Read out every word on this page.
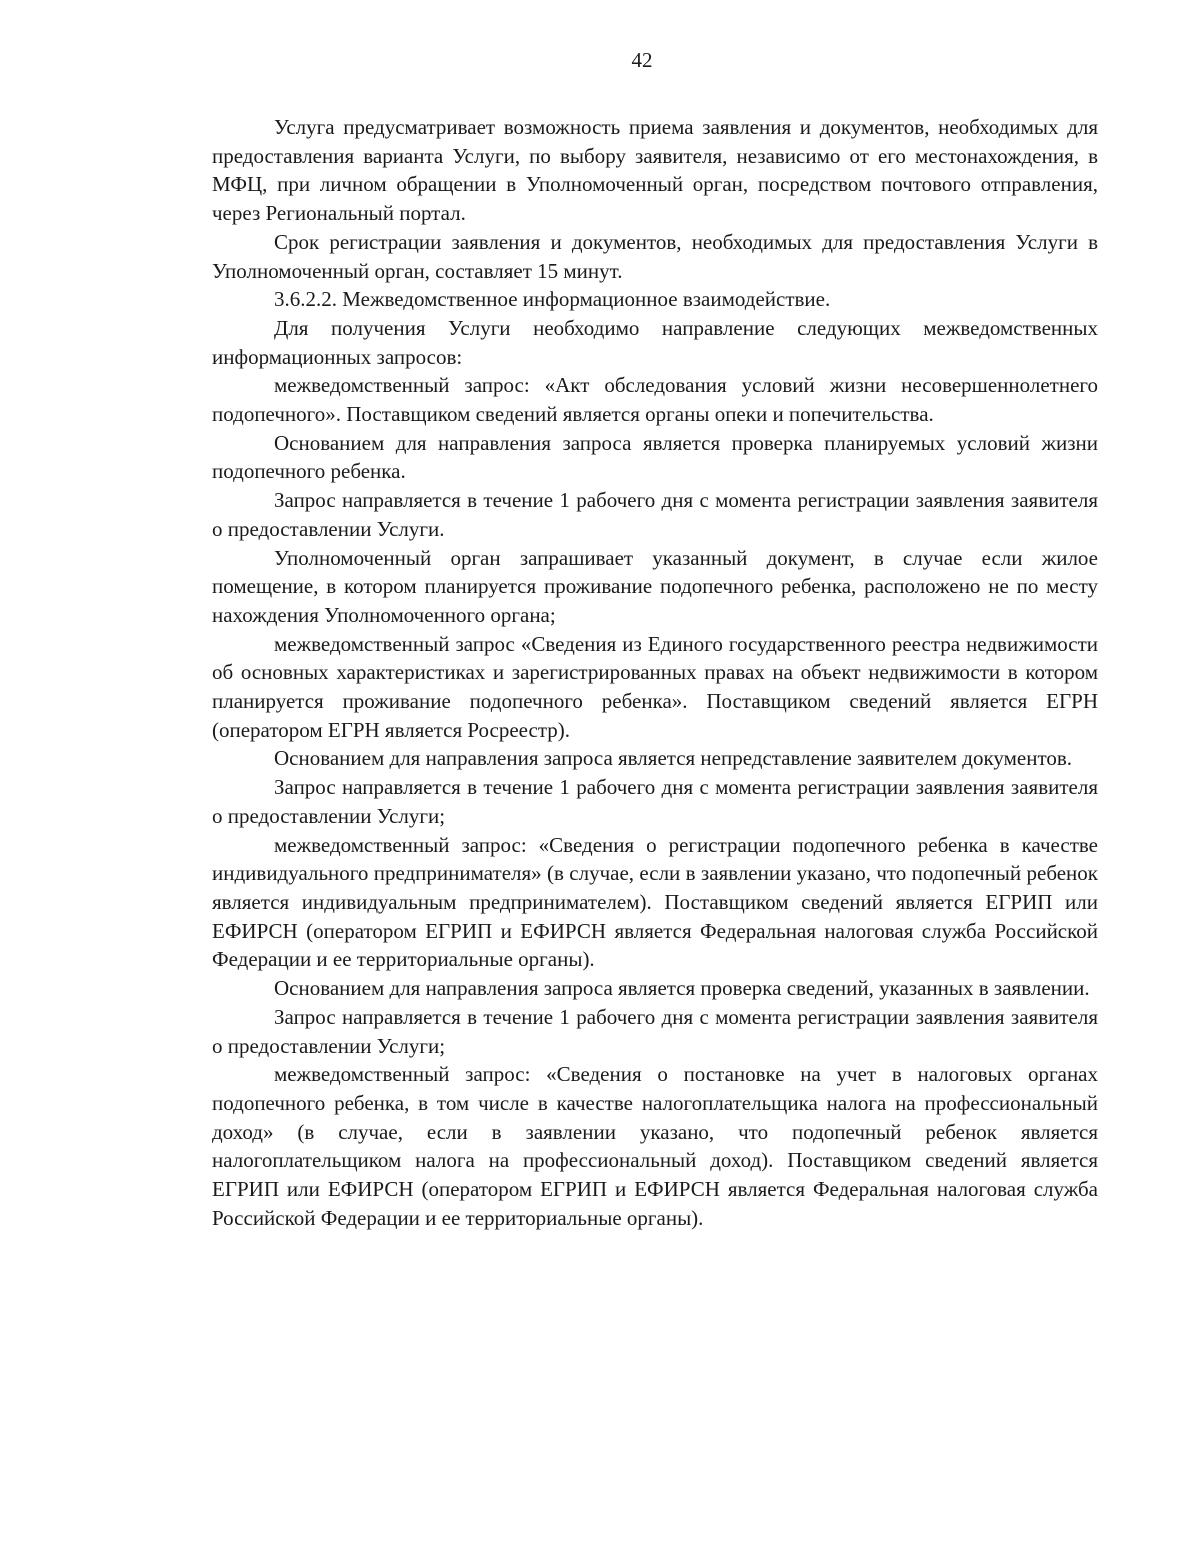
42

Услуга предусматривает возможность приема заявления и документов, необходимых для предоставления варианта Услуги, по выбору заявителя, независимо от его местонахождения, в МФЦ, при личном обращении в Уполномоченный орган, посредством почтового отправления, через Региональный портал.

Срок регистрации заявления и документов, необходимых для предоставления Услуги в Уполномоченный орган, составляет 15 минут.

3.6.2.2. Межведомственное информационное взаимодействие.

Для получения Услуги необходимо направление следующих межведомственных информационных запросов:

межведомственный запрос: «Акт обследования условий жизни несовершеннолетнего подопечного». Поставщиком сведений является органы опеки и попечительства.

Основанием для направления запроса является проверка планируемых условий жизни подопечного ребенка.

Запрос направляется в течение 1 рабочего дня с момента регистрации заявления заявителя о предоставлении Услуги.

Уполномоченный орган запрашивает указанный документ, в случае если жилое помещение, в котором планируется проживание подопечного ребенка, расположено не по месту нахождения Уполномоченного органа;

межведомственный запрос «Сведения из Единого государственного реестра недвижимости об основных характеристиках и зарегистрированных правах на объект недвижимости в котором планируется проживание подопечного ребенка». Поставщиком сведений является ЕГРН (оператором ЕГРН является Росреестр).

Основанием для направления запроса является непредставление заявителем документов.

Запрос направляется в течение 1 рабочего дня с момента регистрации заявления заявителя о предоставлении Услуги;

межведомственный запрос: «Сведения о регистрации подопечного ребенка в качестве индивидуального предпринимателя» (в случае, если в заявлении указано, что подопечный ребенок является индивидуальным предпринимателем). Поставщиком сведений является ЕГРИП или ЕФИРСН (оператором ЕГРИП и ЕФИРСН является Федеральная налоговая служба Российской Федерации и ее территориальные органы).

Основанием для направления запроса является проверка сведений, указанных в заявлении.

Запрос направляется в течение 1 рабочего дня с момента регистрации заявления заявителя о предоставлении Услуги;

межведомственный запрос: «Сведения о постановке на учет в налоговых органах подопечного ребенка, в том числе в качестве налогоплательщика налога на профессиональный доход» (в случае, если в заявлении указано, что подопечный ребенок является налогоплательщиком налога на профессиональный доход). Поставщиком сведений является ЕГРИП или ЕФИРСН (оператором ЕГРИП и ЕФИРСН является Федеральная налоговая служба Российской Федерации и ее территориальные органы).
